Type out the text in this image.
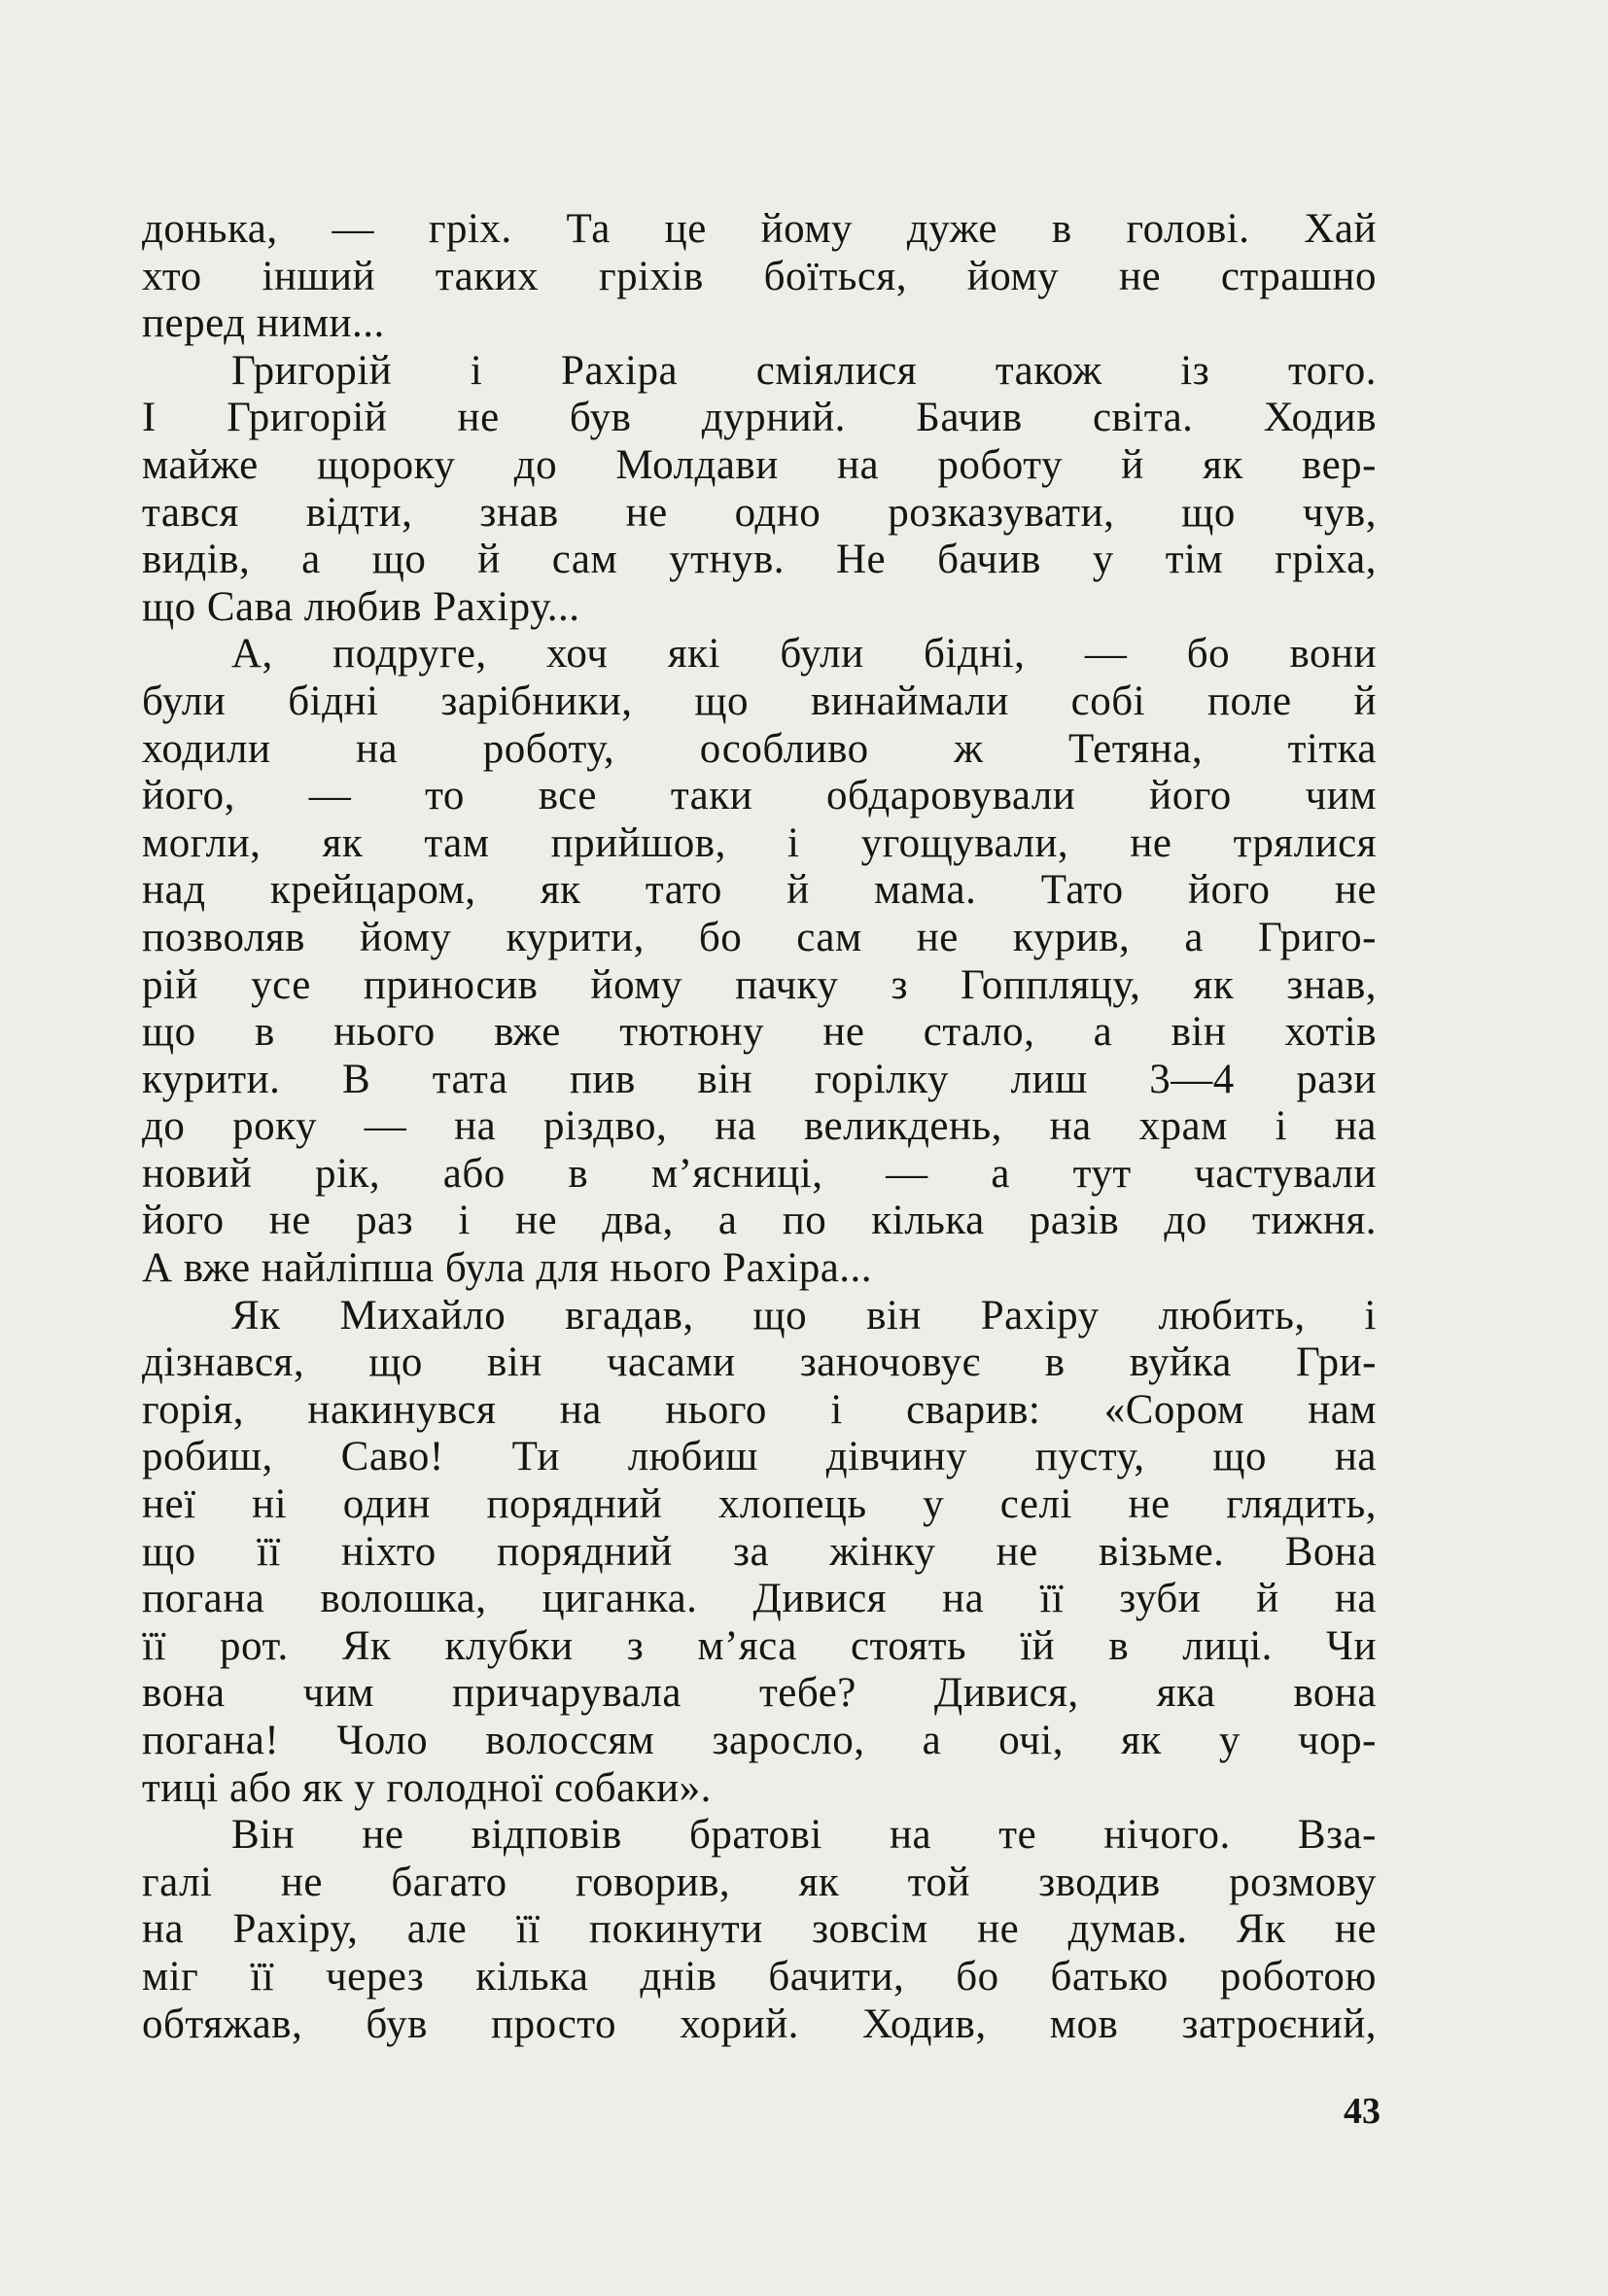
донька, — гріх. Та це йому дуже в голові. Хай
хто інший таких гріхів боїться, йому не страшно
перед ними...
Григорій і Рахіра сміялися також із того.
І Григорій не був дурний. Бачив світа. Ходив
майже щороку до Молдави на роботу й як вер-
тався відти, знав не одно розказувати, що чув,
видів, а що й сам утнув. Не бачив у тім гріха,
що Сава любив Рахіру...
А, подруге, хоч які були бідні, — бо вони
були бідні зарібники, що винаймали собі поле й
ходили на роботу, особливо ж Тетяна, тітка
його, — то все таки обдаровували його чим
могли, як там прийшов, і угощували, не трялися
над крейцаром, як тато й мама. Тато його не
позволяв йому курити, бо сам не курив, а Григо-
рій усе приносив йому пачку з Гоппляцу, як знав,
що в нього вже тютюну не стало, а він хотів
курити. В тата пив він горілку лиш 3—4 рази
до року — на різдво, на великдень, на храм і на
новий рік, або в м’ясниці, — а тут частували
його не раз і не два, а по кілька разів до тижня.
А вже найліпша була для нього Рахіра...
Як Михайло вгадав, що він Рахіру любить, і
дізнався, що він часами заночовує в вуйка Гри-
горія, накинувся на нього і сварив: «Сором нам
робиш, Саво! Ти любиш дівчину пусту, що на
неї ні один порядний хлопець у селі не глядить,
що її ніхто порядний за жінку не візьме. Вона
погана волошка, циганка. Дивися на її зуби й на
її рот. Як клубки з м’яса стоять їй в лиці. Чи
вона чим причарувала тебе? Дивися, яка вона
погана! Чоло волоссям заросло, а очі, як у чор-
тиці або як у голодної собаки».
Він не відповів братові на те нічого. Вза-
галі не багато говорив, як той зводив розмову
на Рахіру, але її покинути зовсім не думав. Як не
міг її через кілька днів бачити, бо батько роботою
обтяжав, був просто хорий. Ходив, мов затроєний,
43
